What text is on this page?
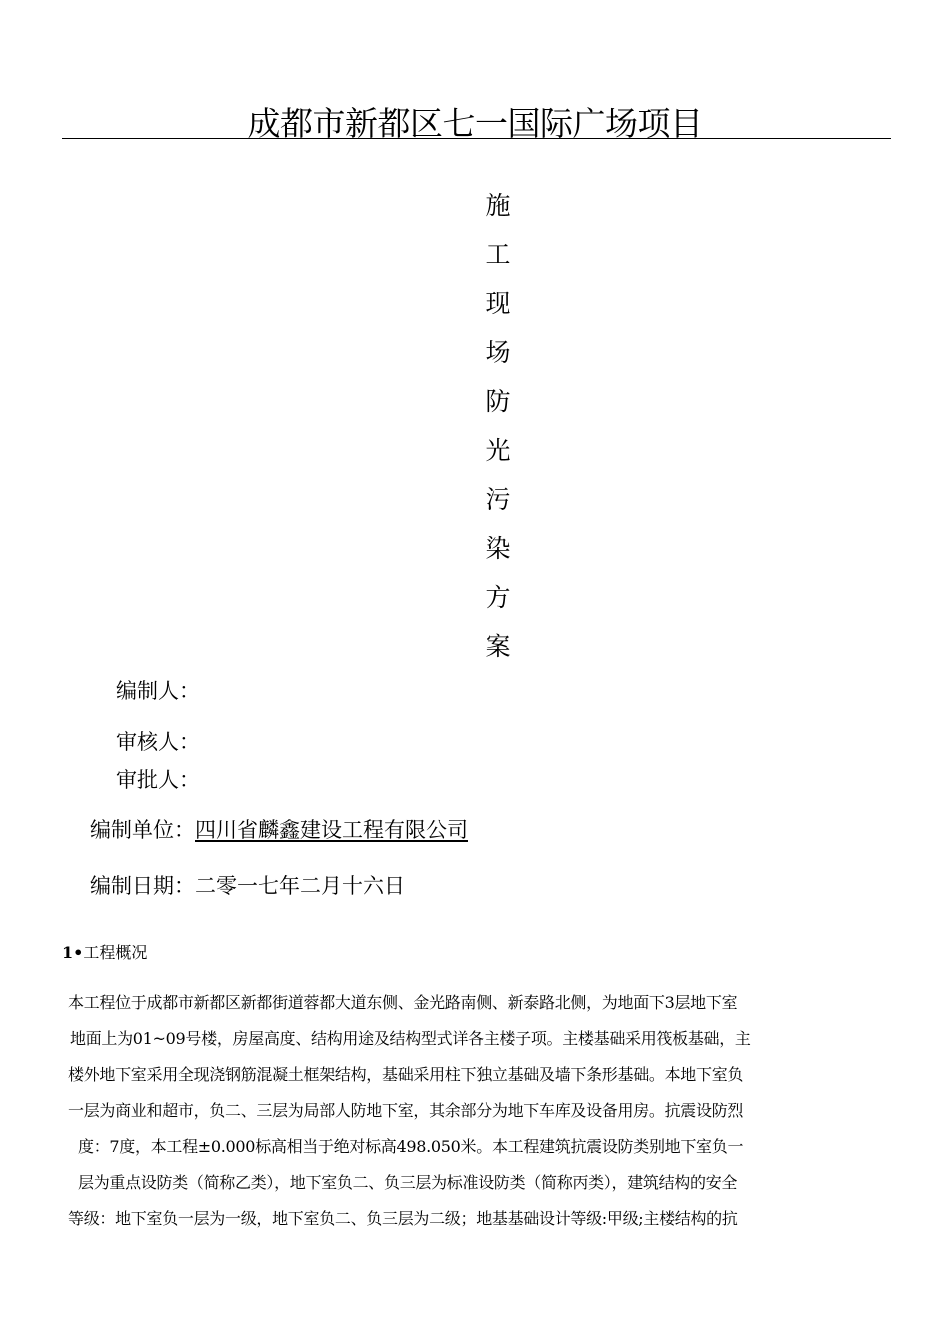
成都市新都区七一国际广场项目
施
工
现
场
防
光
污
染
方
案
编制人：
审核人：
审批人：
编制单位：四川省麟鑫建设工程有限公司
编制日期：二零一七年二月十六日
1•工程概况
本工程位于成都市新都区新都街道蓉都大道东侧、金光路南侧、新泰路北侧，为地面下3层地下室
地面上为01~09号楼，房屋高度、结构用途及结构型式详各主楼子项。主楼基础采用筏板基础，主
楼外地下室采用全现浇钢筋混凝土框架结构，基础采用柱下独立基础及墙下条形基础。本地下室负
一层为商业和超市，负二、三层为局部人防地下室，其余部分为地下车库及设备用房。抗震设防烈
度：7度，本工程±0.000标高相当于绝对标高498.050米。本工程建筑抗震设防类别地下室负一
层为重点设防类（简称乙类），地下室负二、负三层为标准设防类（简称丙类），建筑结构的安全
等级：地下室负一层为一级，地下室负二、负三层为二级；地基基础设计等级:甲级;主楼结构的抗
